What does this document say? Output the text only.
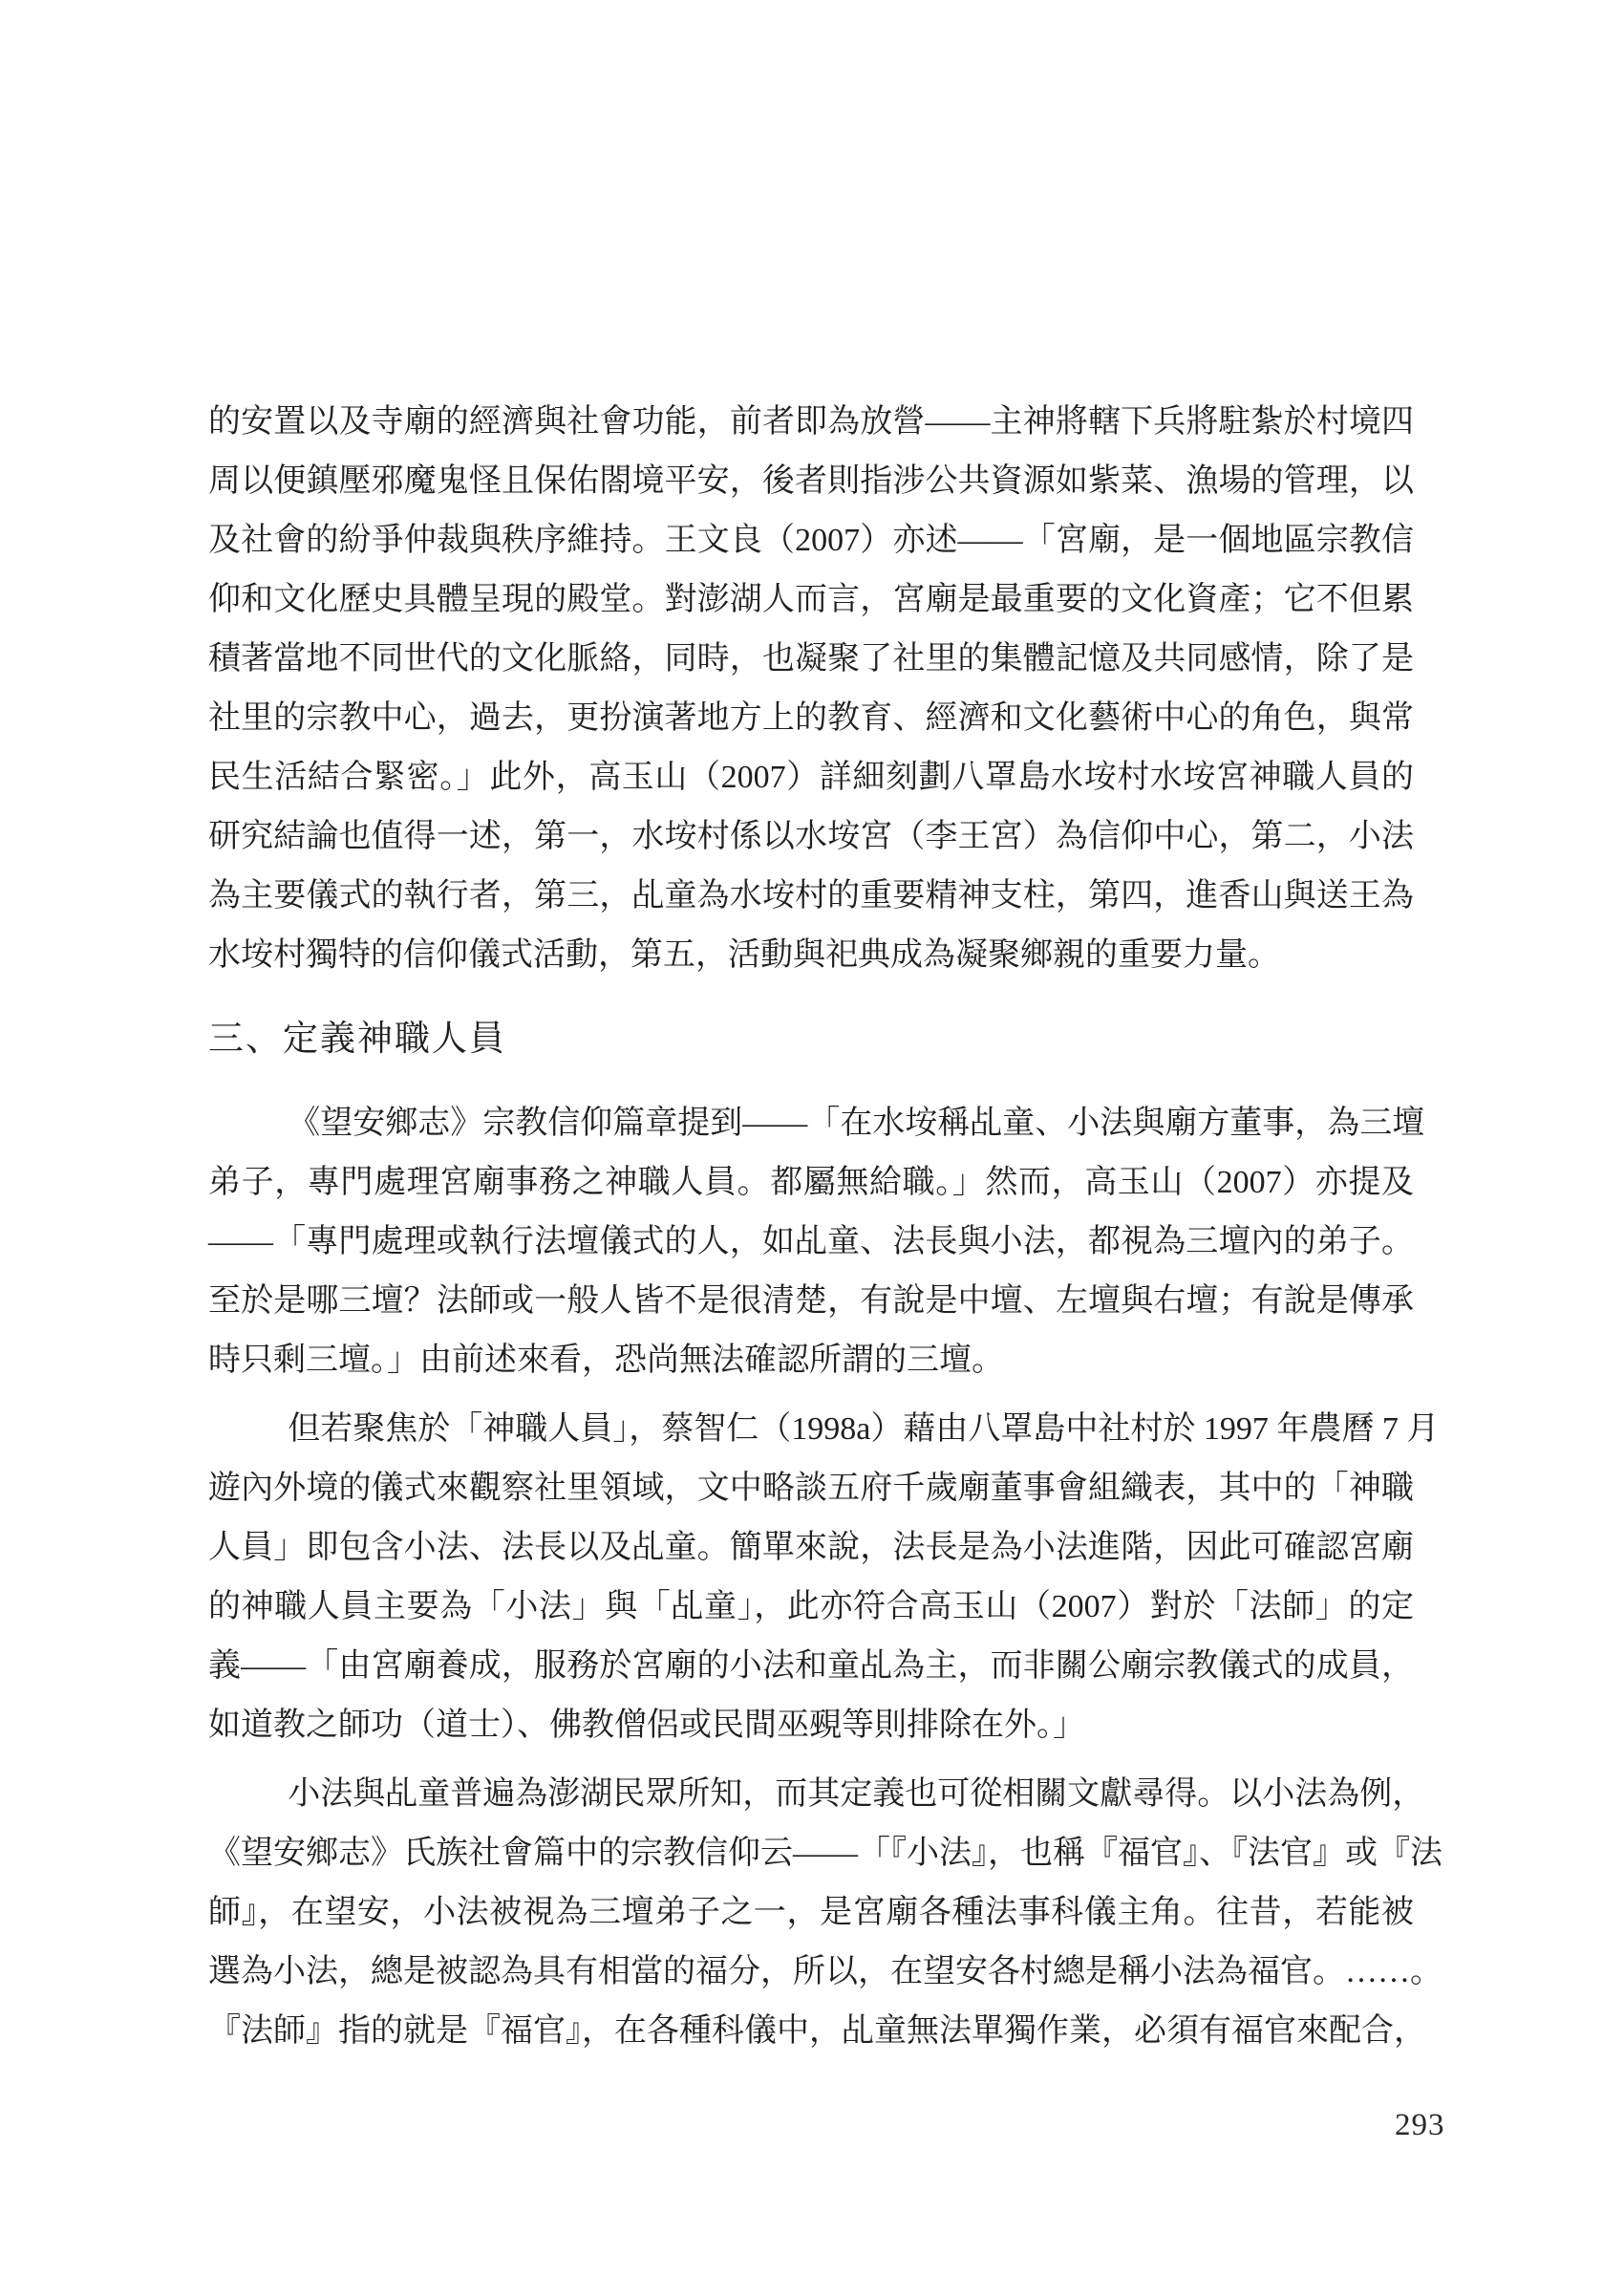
的安置以及寺廟的經濟與社會功能，前者即為放營——主神將轄下兵將駐紮於村境四
周以便鎮壓邪魔鬼怪且保佑閤境平安，後者則指涉公共資源如紫菜、漁場的管理，以
及社會的紛爭仲裁與秩序維持。王文良（2007）亦述——「宮廟，是一個地區宗教信
仰和文化歷史具體呈現的殿堂。對澎湖人而言，宮廟是最重要的文化資產；它不但累
積著當地不同世代的文化脈絡，同時，也凝聚了社里的集體記憶及共同感情，除了是
社里的宗教中心，過去，更扮演著地方上的教育、經濟和文化藝術中心的角色，與常
民生活結合緊密。」此外，高玉山（2007）詳細刻劃八罩島水垵村水垵宮神職人員的
研究結論也值得一述，第一，水垵村係以水垵宮（李王宮）為信仰中心，第二，小法
為主要儀式的執行者，第三，乩童為水垵村的重要精神支柱，第四，進香山與送王為
水垵村獨特的信仰儀式活動，第五，活動與祀典成為凝聚鄉親的重要力量。
三、定義神職人員
《望安鄉志》宗教信仰篇章提到——「在水垵稱乩童、小法與廟方董事，為三壇
弟子，專門處理宮廟事務之神職人員。都屬無給職。」然而，高玉山（2007）亦提及
——「專門處理或執行法壇儀式的人，如乩童、法長與小法，都視為三壇內的弟子。
至於是哪三壇？法師或一般人皆不是很清楚，有說是中壇、左壇與右壇；有說是傳承
時只剩三壇。」由前述來看，恐尚無法確認所謂的三壇。
但若聚焦於「神職人員」，蔡智仁（1998a）藉由八罩島中社村於 1997 年農曆 7 月
遊內外境的儀式來觀察社里領域，文中略談五府千歲廟董事會組織表，其中的「神職
人員」即包含小法、法長以及乩童。簡單來說，法長是為小法進階，因此可確認宮廟
的神職人員主要為「小法」與「乩童」，此亦符合高玉山（2007）對於「法師」的定
義——「由宮廟養成，服務於宮廟的小法和童乩為主，而非關公廟宗教儀式的成員，
如道教之師功（道士）、佛教僧侶或民間巫覡等則排除在外。」
小法與乩童普遍為澎湖民眾所知，而其定義也可從相關文獻尋得。以小法為例，
《望安鄉志》氏族社會篇中的宗教信仰云——「『小法』，也稱『福官』、『法官』或『法
師』，在望安，小法被視為三壇弟子之一，是宮廟各種法事科儀主角。往昔，若能被
選為小法，總是被認為具有相當的福分，所以，在望安各村總是稱小法為福官。……。
『法師』指的就是『福官』，在各種科儀中，乩童無法單獨作業，必須有福官來配合，
293
